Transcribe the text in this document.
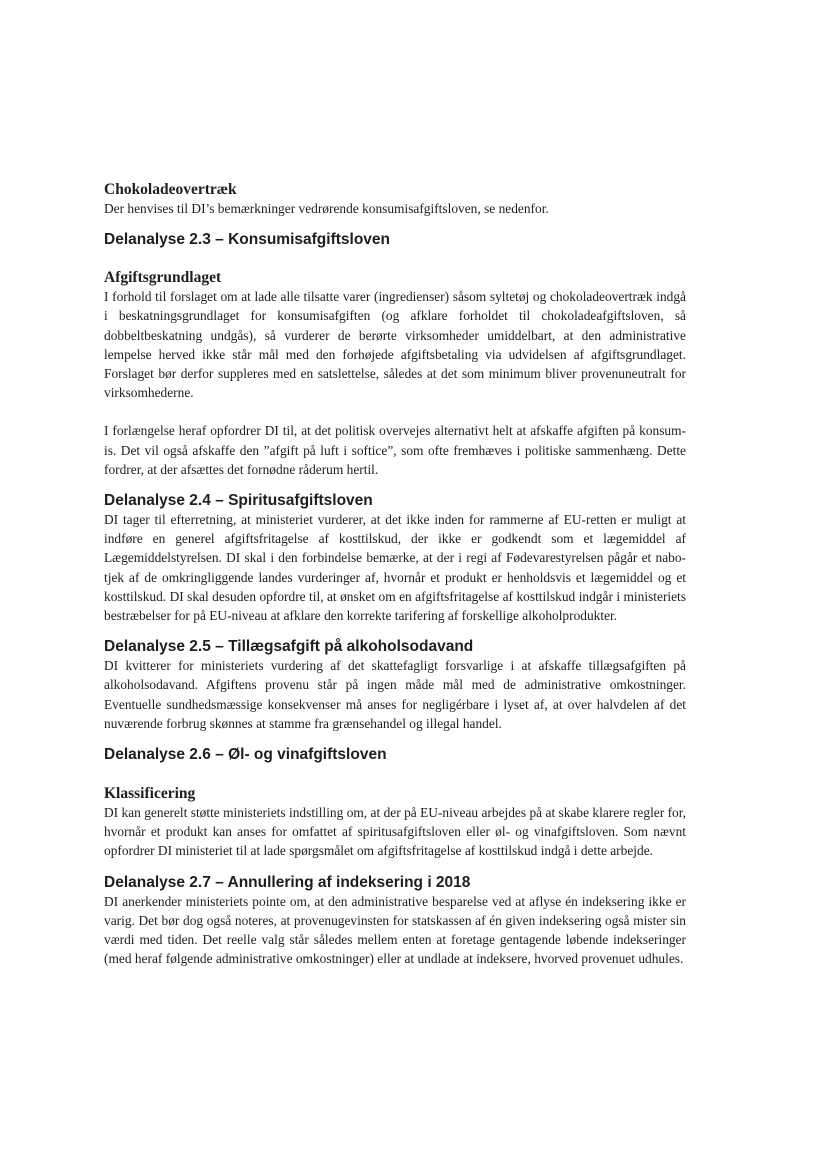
Chokoladeovertræk

Der henvises til DI’s bemærkninger vedrørende konsumisafgiftsloven, se nedenfor.

Delanalyse 2.3 – Konsumisafgiftsloven
Afgiftsgrundlaget

I forhold til forslaget om at lade alle tilsatte varer (ingredienser) såsom syltetøj og chokoladeovertræk indgå i beskatningsgrundlaget for konsumisafgiften (og afklare forholdet til chokoladeafgiftsloven, så dobbeltbeskatning undgås), så vurderer de berørte virksomheder umiddelbart, at den administrative lempelse herved ikke står mål med den forhøjede afgiftsbetaling via udvidelsen af afgiftsgrundlaget. Forslaget bør derfor suppleres med en satslettelse, således at det som minimum bliver provenuneutralt for virksomhederne.

I forlængelse heraf opfordrer DI til, at det politisk overvejes alternativt helt at afskaffe afgiften på konsum-is. Det vil også afskaffe den ”afgift på luft i softice”, som ofte fremhæves i politiske sammenhæng. Dette fordrer, at der afsættes det fornødne råderum hertil.

Delanalyse 2.4 – Spiritusafgiftsloven

DI tager til efterretning, at ministeriet vurderer, at det ikke inden for rammerne af EU-retten er muligt at indføre en generel afgiftsfritagelse af kosttilskud, der ikke er godkendt som et lægemiddel af Lægemiddelstyrelsen. DI skal i den forbindelse bemærke, at der i regi af Fødevarestyrelsen pågår et nabo-tjek af de omkringliggende landes vurderinger af, hvornår et produkt er henholdsvis et lægemiddel og et kosttilskud. DI skal desuden opfordre til, at ønsket om en afgiftsfritagelse af kosttilskud indgår i ministeriets bestræbelser for på EU-niveau at afklare den korrekte tarifering af forskellige alkoholprodukter.

Delanalyse 2.5 – Tillægsafgift på alkoholsodavand

DI kvitterer for ministeriets vurdering af det skattefagligt forsvarlige i at afskaffe tillægsafgiften på alkoholsodavand. Afgiftens provenu står på ingen måde mål med de administrative omkostninger. Eventuelle sundhedsmæssige konsekvenser må anses for negligérbare i lyset af, at over halvdelen af det nuværende forbrug skønnes at stamme fra grænsehandel og illegal handel.

Delanalyse 2.6 – Øl- og vinafgiftsloven
Klassificering

DI kan generelt støtte ministeriets indstilling om, at der på EU-niveau arbejdes på at skabe klarere regler for, hvornår et produkt kan anses for omfattet af spiritusafgiftsloven eller øl- og vinafgiftsloven. Som nævnt opfordrer DI ministeriet til at lade spørgsmålet om afgiftsfritagelse af kosttilskud indgå i dette arbejde.

Delanalyse 2.7 – Annullering af indeksering i 2018

DI anerkender ministeriets pointe om, at den administrative besparelse ved at aflyse én indeksering ikke er varig. Det bør dog også noteres, at provenugevinsten for statskassen af én given indeksering også mister sin værdi med tiden. Det reelle valg står således mellem enten at foretage gentagende løbende indekseringer (med heraf følgende administrative omkostninger) eller at undlade at indeksere, hvorved provenuet udhules.
